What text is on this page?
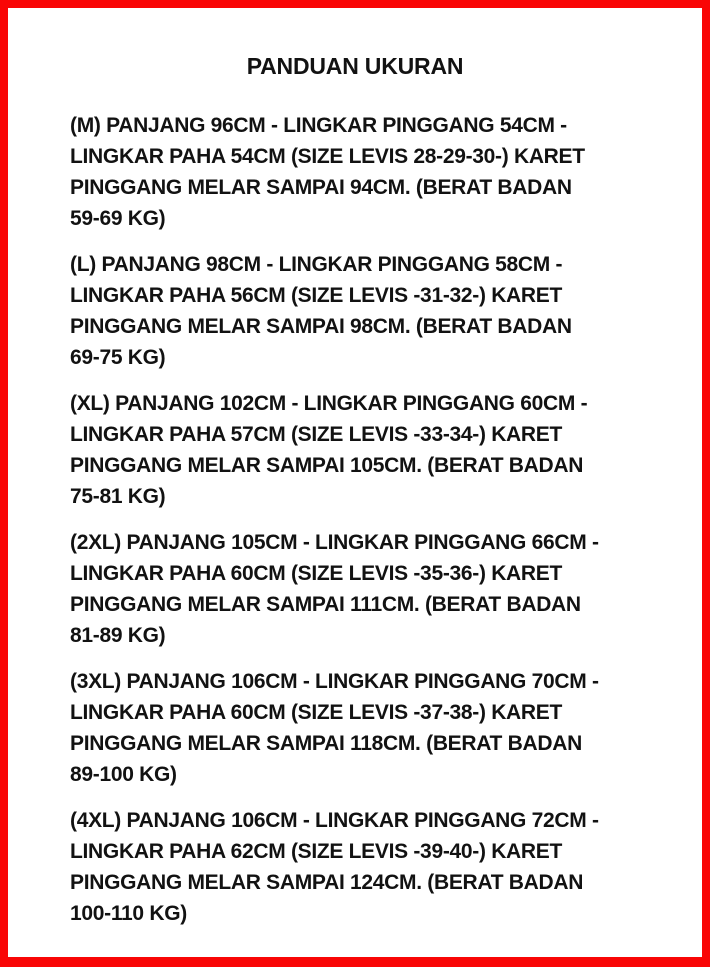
PANDUAN UKURAN
(M) PANJANG 96CM - LINGKAR PINGGANG 54CM -
LINGKAR PAHA 54CM (SIZE LEVIS 28-29-30-) KARET
PINGGANG MELAR SAMPAI 94CM. (BERAT BADAN
59-69 KG)
(L) PANJANG 98CM - LINGKAR PINGGANG 58CM -
LINGKAR PAHA 56CM (SIZE LEVIS -31-32-) KARET
PINGGANG MELAR SAMPAI 98CM. (BERAT BADAN
69-75 KG)
(XL) PANJANG 102CM - LINGKAR PINGGANG 60CM -
LINGKAR PAHA 57CM (SIZE LEVIS -33-34-) KARET
PINGGANG MELAR SAMPAI 105CM. (BERAT BADAN
75-81 KG)
(2XL) PANJANG 105CM - LINGKAR PINGGANG 66CM -
LINGKAR PAHA 60CM (SIZE LEVIS -35-36-) KARET
PINGGANG MELAR SAMPAI 111CM. (BERAT BADAN
81-89 KG)
(3XL) PANJANG 106CM - LINGKAR PINGGANG 70CM -
LINGKAR PAHA 60CM (SIZE LEVIS -37-38-) KARET
PINGGANG MELAR SAMPAI 118CM. (BERAT BADAN
89-100 KG)
(4XL) PANJANG 106CM - LINGKAR PINGGANG 72CM -
LINGKAR PAHA 62CM (SIZE LEVIS -39-40-) KARET
PINGGANG MELAR SAMPAI 124CM. (BERAT BADAN
100-110 KG)
